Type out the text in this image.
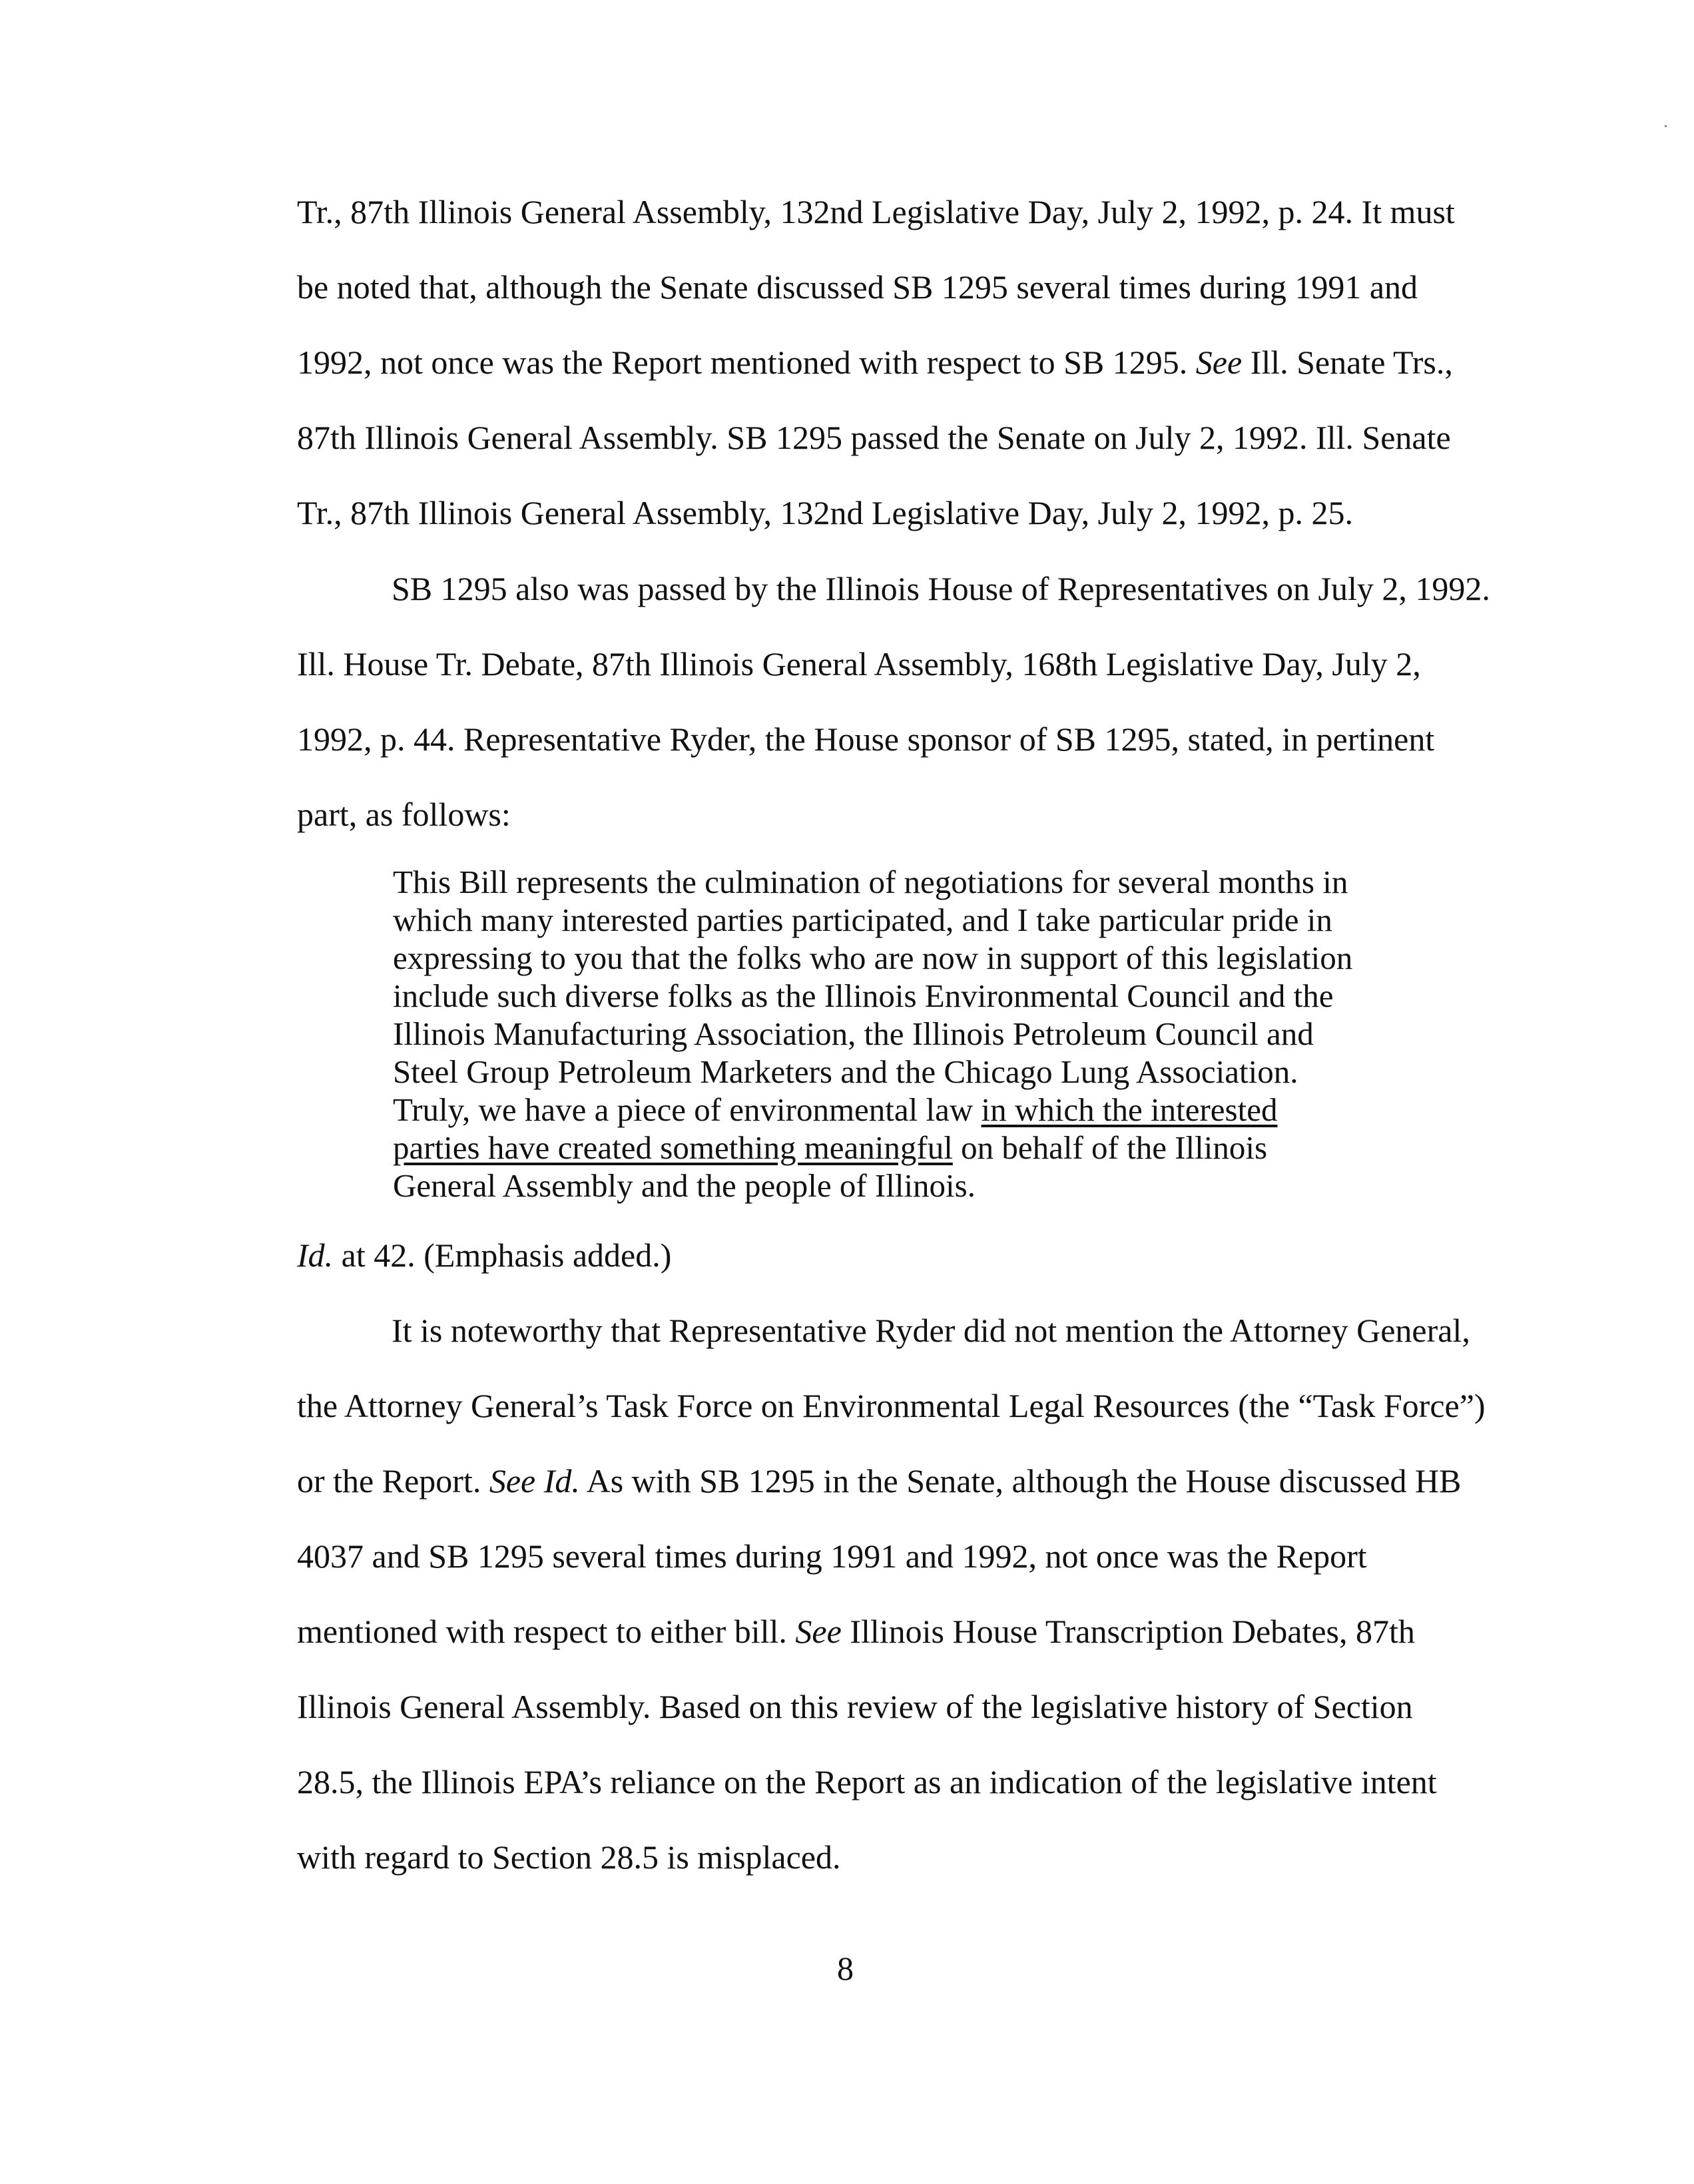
Tr., 87th Illinois General Assembly, 132nd Legislative Day, July 2, 1992, p. 24. It must
be noted that, although the Senate discussed SB 1295 several times during 1991 and
1992, not once was the Report mentioned with respect to SB 1295. See Ill. Senate Trs.,
87th Illinois General Assembly. SB 1295 passed the Senate on July 2, 1992. Ill. Senate
Tr., 87th Illinois General Assembly, 132nd Legislative Day, July 2, 1992, p. 25.
SB 1295 also was passed by the Illinois House of Representatives on July 2, 1992.
Ill. House Tr. Debate, 87th Illinois General Assembly, 168th Legislative Day, July 2,
1992, p. 44. Representative Ryder, the House sponsor of SB 1295, stated, in pertinent
part, as follows:
This Bill represents the culmination of negotiations for several months in
which many interested parties participated, and I take particular pride in
expressing to you that the folks who are now in support of this legislation
include such diverse folks as the Illinois Environmental Council and the
Illinois Manufacturing Association, the Illinois Petroleum Council and
Steel Group Petroleum Marketers and the Chicago Lung Association.
Truly, we have a piece of environmental law in which the interested
parties have created something meaningful on behalf of the Illinois
General Assembly and the people of Illinois.
Id. at 42. (Emphasis added.)
It is noteworthy that Representative Ryder did not mention the Attorney General,
the Attorney General’s Task Force on Environmental Legal Resources (the “Task Force”)
or the Report. See Id. As with SB 1295 in the Senate, although the House discussed HB
4037 and SB 1295 several times during 1991 and 1992, not once was the Report
mentioned with respect to either bill. See Illinois House Transcription Debates, 87th
Illinois General Assembly. Based on this review of the legislative history of Section
28.5, the Illinois EPA’s reliance on the Report as an indication of the legislative intent
with regard to Section 28.5 is misplaced.
8
